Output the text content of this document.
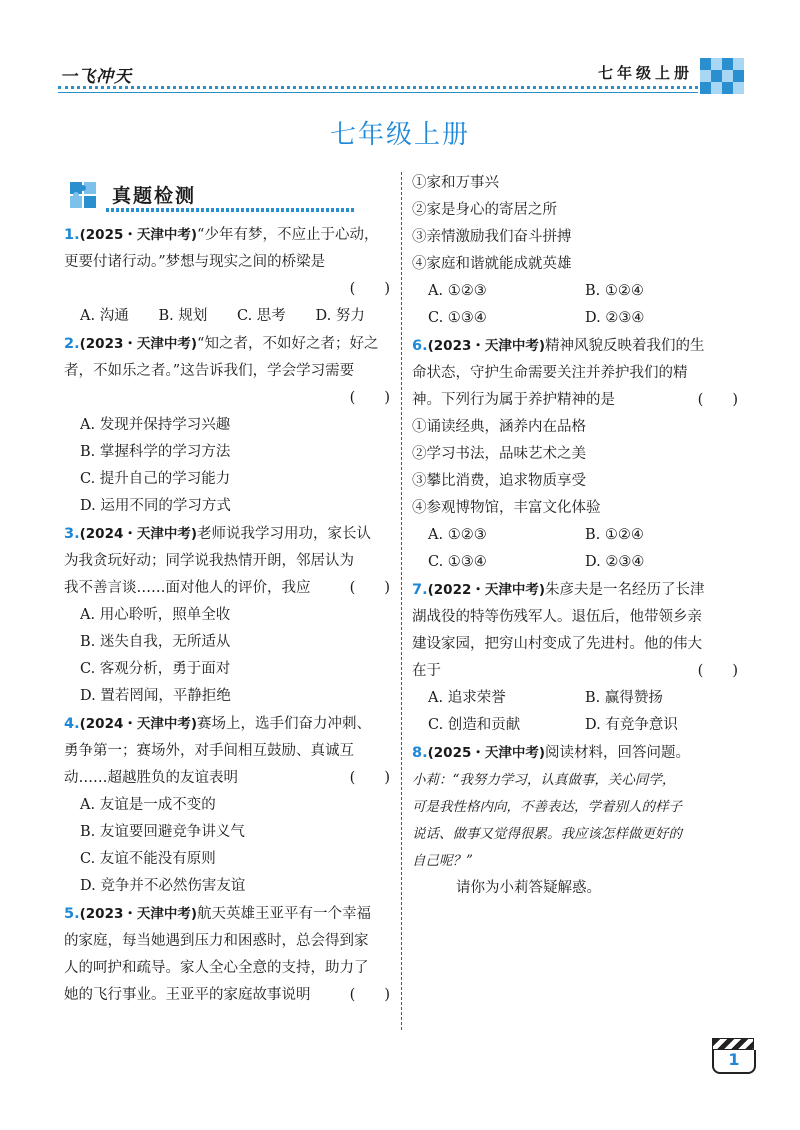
一飞冲天	七年级上册
七年级上册
真题检测
1.(2025・天津中考)“少年有梦，不应止于心动，
更要付诸行动。”梦想与现实之间的桥梁是
(　　)
A. 沟通	B. 规划	C. 思考	D. 努力
2.(2023・天津中考)“知之者，不如好之者；好之
者，不如乐之者。”这告诉我们，学会学习需要
(　　)
A. 发现并保持学习兴趣
B. 掌握科学的学习方法
C. 提升自己的学习能力
D. 运用不同的学习方式
3.(2024・天津中考)老师说我学习用功，家长认
为我贪玩好动；同学说我热情开朗，邻居认为
我不善言谈……面对他人的评价，我应	(　　)
A. 用心聆听，照单全收
B. 迷失自我，无所适从
C. 客观分析，勇于面对
D. 置若罔闻，平静拒绝
4.(2024・天津中考)赛场上，选手们奋力冲刺、
勇争第一；赛场外，对手间相互鼓励、真诚互
动……超越胜负的友谊表明	(　　)
A. 友谊是一成不变的
B. 友谊要回避竞争讲义气
C. 友谊不能没有原则
D. 竞争并不必然伤害友谊
5.(2023・天津中考)航天英雄王亚平有一个幸福
的家庭，每当她遇到压力和困惑时，总会得到家
人的呵护和疏导。家人全心全意的支持，助力了
她的飞行事业。王亚平的家庭故事说明	(　　)
①家和万事兴
②家是身心的寄居之所
③亲情激励我们奋斗拼搏
④家庭和谐就能成就英雄
A. ①②③	B. ①②④
C. ①③④	D. ②③④
6.(2023・天津中考)精神风貌反映着我们的生
命状态，守护生命需要关注并养护我们的精
神。下列行为属于养护精神的是	(　　)
①诵读经典，涵养内在品格
②学习书法，品味艺术之美
③攀比消费，追求物质享受
④参观博物馆，丰富文化体验
A. ①②③	B. ①②④
C. ①③④	D. ②③④
7.(2022・天津中考)朱彦夫是一名经历了长津
湖战役的特等伤残军人。退伍后，他带领乡亲
建设家园，把穷山村变成了先进村。他的伟大
在于	(　　)
A. 追求荣誉	B. 赢得赞扬
C. 创造和贡献	D. 有竞争意识
8.(2025・天津中考)阅读材料，回答问题。
小莉：“我努力学习，认真做事，关心同学，
可是我性格内向，不善表达，学着别人的样子
说话、做事又觉得很累。我应该怎样做更好的
自己呢？”
请你为小莉答疑解惑。
1
